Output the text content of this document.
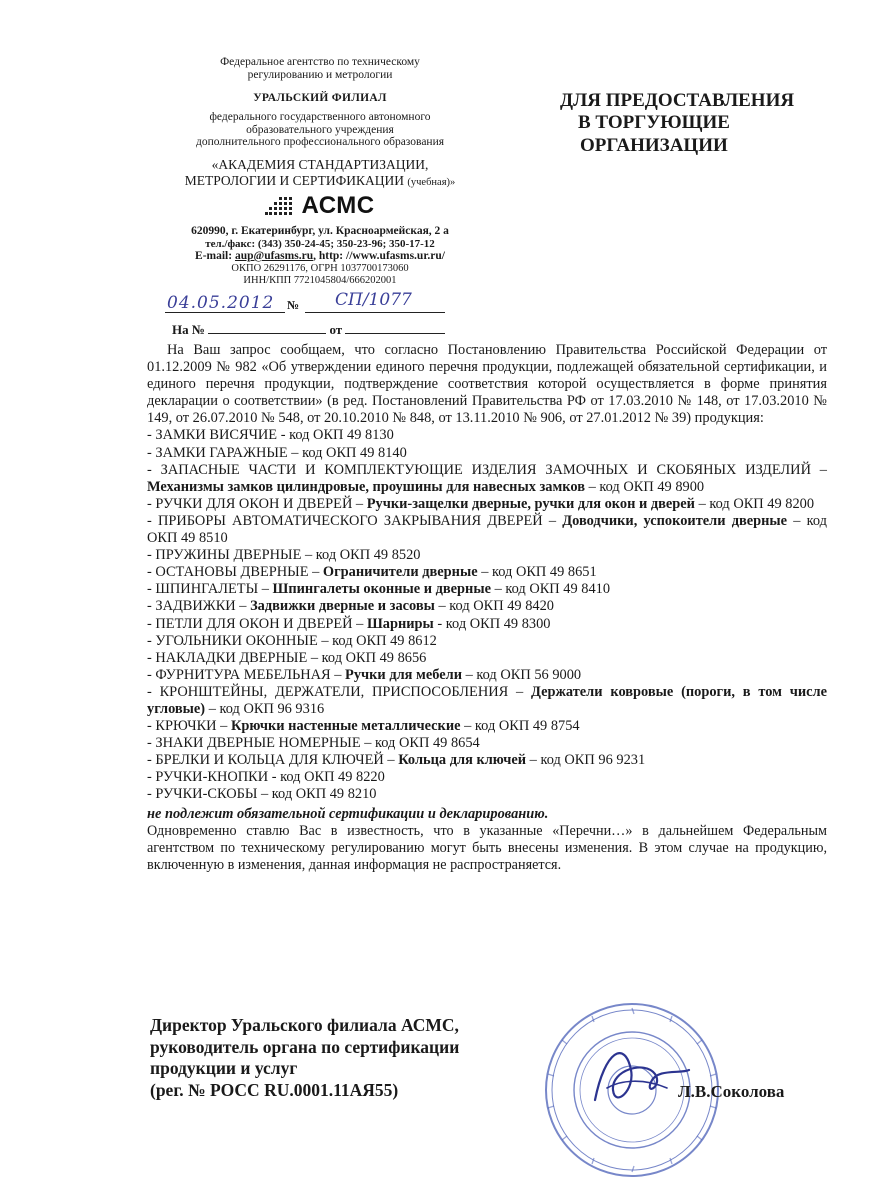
Федеральное агентство по техническому
регулированию и метрологии
УРАЛЬСКИЙ ФИЛИАЛ
федерального государственного автономного
образовательного учреждения
дополнительного профессионального образования
«АКАДЕМИЯ СТАНДАРТИЗАЦИИ,
МЕТРОЛОГИИ И СЕРТИФИКАЦИИ (учебная)»
АСМС
620990, г. Екатеринбург, ул. Красноармейская, 2 а
тел./факс: (343) 350-24-45; 350-23-96; 350-17-12
E-mail: aup@ufasms.ru, http: //www.ufasms.ur.ru/
ОКПО 26291176, ОГРН 1037700173060
ИНН/КПП 7721045804/666202001
ДЛЯ ПРЕДОСТАВЛЕНИЯ
В ТОРГУЮЩИЕ
ОРГАНИЗАЦИИ
04.05.2012 № СП/1077
На №	от
На Ваш запрос сообщаем, что согласно Постановлению Правительства Российской Федерации от 01.12.2009 № 982 «Об утверждении единого перечня продукции, подлежащей обязательной сертификации, и единого перечня продукции, подтверждение соответствия которой осуществляется в форме принятия декларации о соответствии» (в ред. Постановлений Правительства РФ от 17.03.2010 № 148, от 17.03.2010 № 149, от 26.07.2010 № 548, от 20.10.2010 № 848, от 13.11.2010 № 906, от 27.01.2012 № 39) продукция:
- ЗАМКИ ВИСЯЧИЕ - код ОКП 49 8130
- ЗАМКИ ГАРАЖНЫЕ – код ОКП 49 8140
- ЗАПАСНЫЕ ЧАСТИ И КОМПЛЕКТУЮЩИЕ ИЗДЕЛИЯ ЗАМОЧНЫХ И СКОБЯНЫХ ИЗДЕЛИЙ – Механизмы замков цилиндровые, проушины для навесных замков – код ОКП 49 8900
- РУЧКИ ДЛЯ ОКОН И ДВЕРЕЙ – Ручки-защелки дверные, ручки для окон и дверей – код ОКП 49 8200
- ПРИБОРЫ АВТОМАТИЧЕСКОГО ЗАКРЫВАНИЯ ДВЕРЕЙ – Доводчики, успокоители дверные – код ОКП 49 8510
- ПРУЖИНЫ ДВЕРНЫЕ – код ОКП 49 8520
- ОСТАНОВЫ ДВЕРНЫЕ – Ограничители дверные – код ОКП 49 8651
- ШПИНГАЛЕТЫ – Шпингалеты оконные и дверные – код ОКП 49 8410
- ЗАДВИЖКИ – Задвижки дверные и засовы – код ОКП 49 8420
- ПЕТЛИ ДЛЯ ОКОН И ДВЕРЕЙ – Шарниры - код ОКП 49 8300
- УГОЛЬНИКИ ОКОННЫЕ – код ОКП 49 8612
- НАКЛАДКИ ДВЕРНЫЕ – код ОКП 49 8656
- ФУРНИТУРА МЕБЕЛЬНАЯ – Ручки для мебели – код ОКП 56 9000
- КРОНШТЕЙНЫ, ДЕРЖАТЕЛИ, ПРИСПОСОБЛЕНИЯ – Держатели ковровые (пороги, в том числе угловые) – код ОКП 96 9316
- КРЮЧКИ – Крючки настенные металлические – код ОКП 49 8754
- ЗНАКИ ДВЕРНЫЕ НОМЕРНЫЕ – код ОКП 49 8654
- БРЕЛКИ И КОЛЬЦА ДЛЯ КЛЮЧЕЙ – Кольца для ключей – код ОКП 96 9231
- РУЧКИ-КНОПКИ - код ОКП 49 8220
- РУЧКИ-СКОБЫ – код ОКП 49 8210
не подлежит обязательной сертификации и декларированию.
Одновременно ставлю Вас в известность, что в указанные «Перечни…» в дальнейшем Федеральным агентством по техническому регулированию могут быть внесены изменения. В этом случае на продукцию, включенную в изменения, данная информация не распространяется.
Директор Уральского филиала АСМС,
руководитель органа по сертификации
продукции и услуг
(рег. № РОСС RU.0001.11АЯ55)	Л.В.Соколова
